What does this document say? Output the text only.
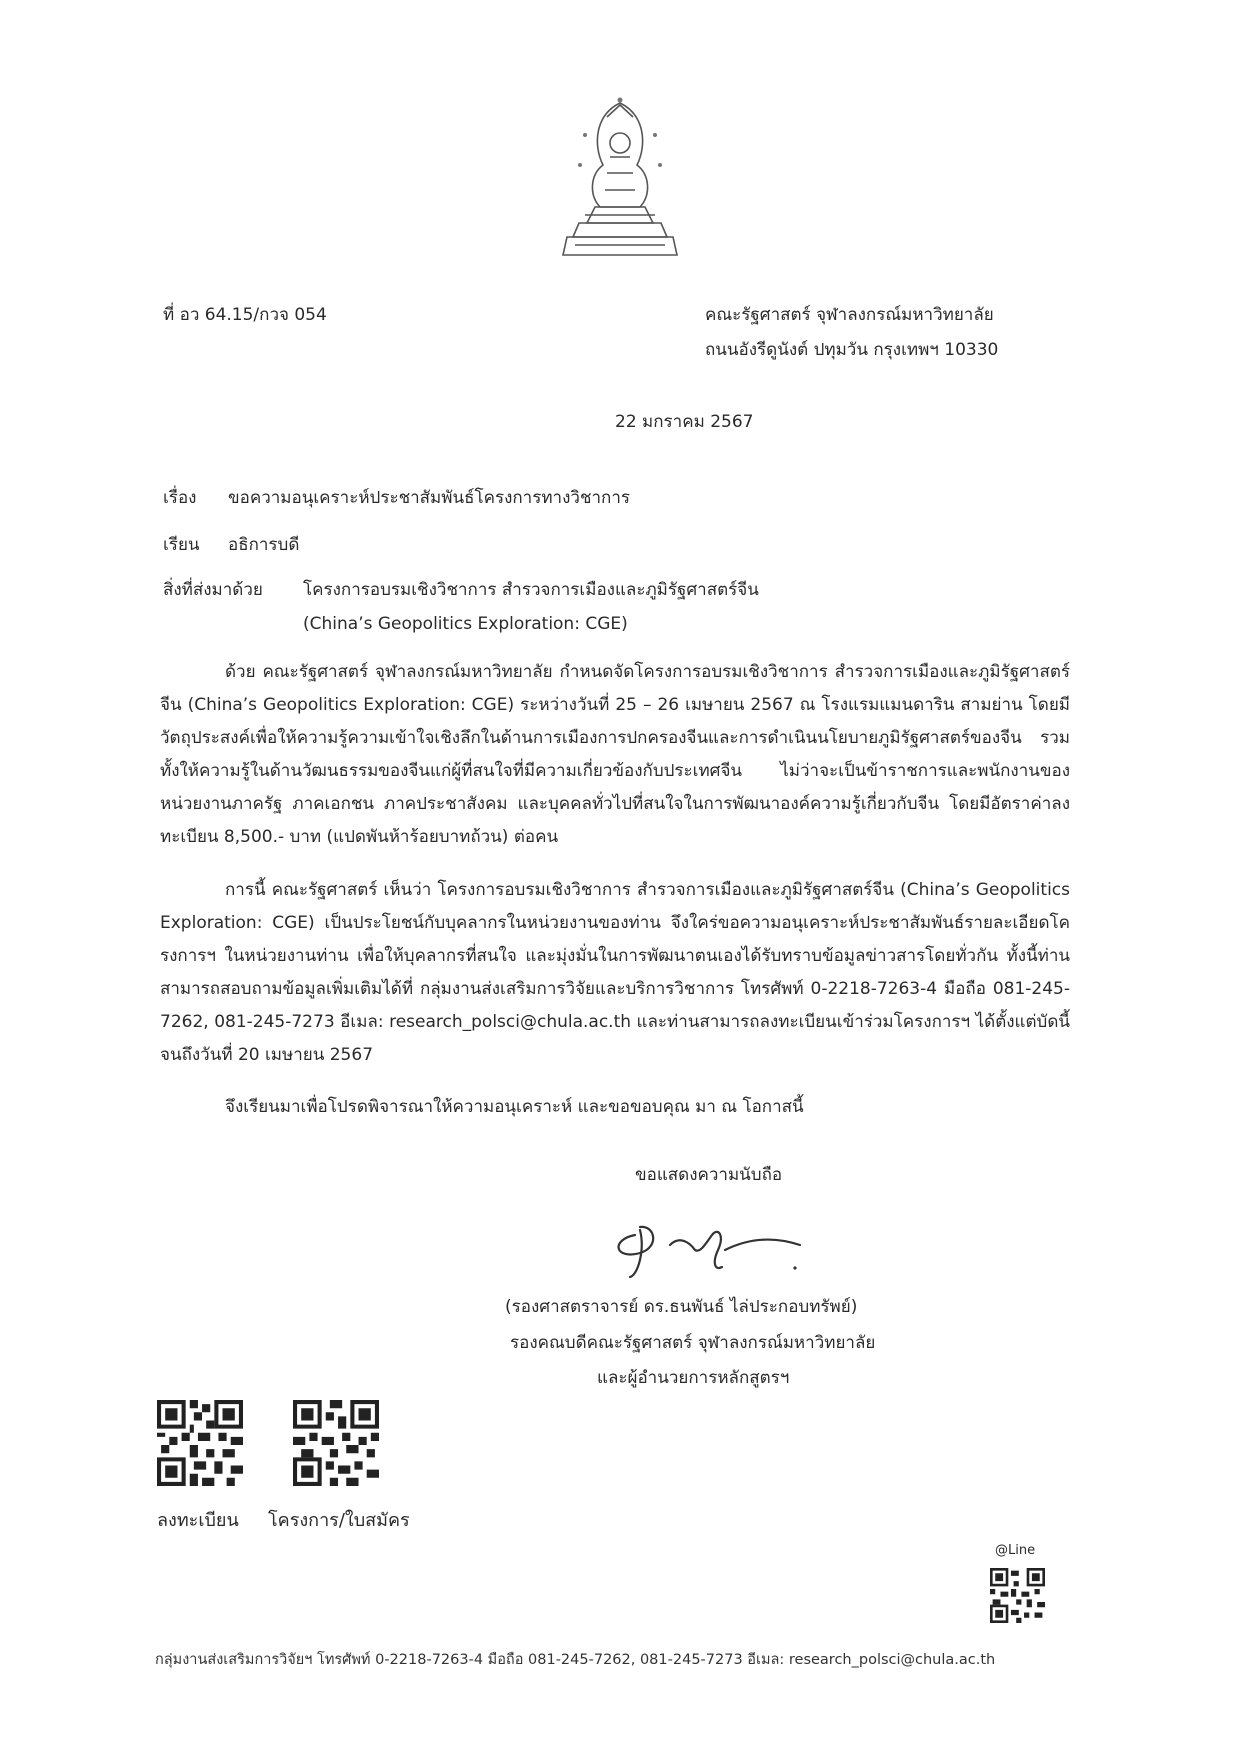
ที่ อว 64.15/กวจ 054	คณะรัฐศาสตร์ จุฬาลงกรณ์มหาวิทยาลัย
ถนนอังรีดูนังต์ ปทุมวัน กรุงเทพฯ 10330
22 มกราคม 2567
เรื่อง ขอความอนุเคราะห์ประชาสัมพันธ์โครงการทางวิชาการ
เรียน อธิการบดี
สิ่งที่ส่งมาด้วย โครงการอบรมเชิงวิชาการ สำรวจการเมืองและภูมิรัฐศาสตร์จีน
(China’s Geopolitics Exploration: CGE)
ด้วย คณะรัฐศาสตร์ จุฬาลงกรณ์มหาวิทยาลัย กำหนดจัดโครงการอบรมเชิงวิชาการ สำรวจการเมืองและภูมิรัฐศาสตร์จีน (China’s Geopolitics Exploration: CGE) ระหว่างวันที่ 25 – 26 เมษายน 2567 ณ โรงแรมแมนดาริน สามย่าน โดยมีวัตถุประสงค์เพื่อให้ความรู้ความเข้าใจเชิงลึกในด้านการเมืองการปกครองจีนและการดำเนินนโยบายภูมิรัฐศาสตร์ของจีน รวมทั้งให้ความรู้ในด้านวัฒนธรรมของจีนแก่ผู้ที่สนใจที่มีความเกี่ยวข้องกับประเทศจีน ไม่ว่าจะเป็นข้าราชการและพนักงานของหน่วยงานภาครัฐ ภาคเอกชน ภาคประชาสังคม และบุคคลทั่วไปที่สนใจในการพัฒนาองค์ความรู้เกี่ยวกับจีน โดยมีอัตราค่าลงทะเบียน 8,500.- บาท (แปดพันห้าร้อยบาทถ้วน) ต่อคน
การนี้ คณะรัฐศาสตร์ เห็นว่า โครงการอบรมเชิงวิชาการ สำรวจการเมืองและภูมิรัฐศาสตร์จีน (China’s Geopolitics Exploration: CGE) เป็นประโยชน์กับบุคลากรในหน่วยงานของท่าน จึงใคร่ขอความอนุเคราะห์ประชาสัมพันธ์รายละเอียดโครงการฯ ในหน่วยงานท่าน เพื่อให้บุคลากรที่สนใจ และมุ่งมั่นในการพัฒนาตนเองได้รับทราบข้อมูลข่าวสารโดยทั่วกัน ทั้งนี้ท่านสามารถสอบถามข้อมูลเพิ่มเติมได้ที่ กลุ่มงานส่งเสริมการวิจัยและบริการวิชาการ โทรศัพท์ 0-2218-7263-4 มือถือ 081-245-7262, 081-245-7273 อีเมล: research_polsci@chula.ac.th และท่านสามารถลงทะเบียนเข้าร่วมโครงการฯ ได้ตั้งแต่บัดนี้จนถึงวันที่ 20 เมษายน 2567
จึงเรียนมาเพื่อโปรดพิจารณาให้ความอนุเคราะห์ และขอขอบคุณ มา ณ โอกาสนี้
ขอแสดงความนับถือ
(รองศาสตราจารย์ ดร.ธนพันธ์ ไล่ประกอบทรัพย์)
รองคณบดีคณะรัฐศาสตร์ จุฬาลงกรณ์มหาวิทยาลัย
และผู้อำนวยการหลักสูตรฯ
ลงทะเบียน โครงการ/ใบสมัคร
@Line
กลุ่มงานส่งเสริมการวิจัยฯ โทรศัพท์ 0-2218-7263-4 มือถือ 081-245-7262, 081-245-7273 อีเมล: research_polsci@chula.ac.th
